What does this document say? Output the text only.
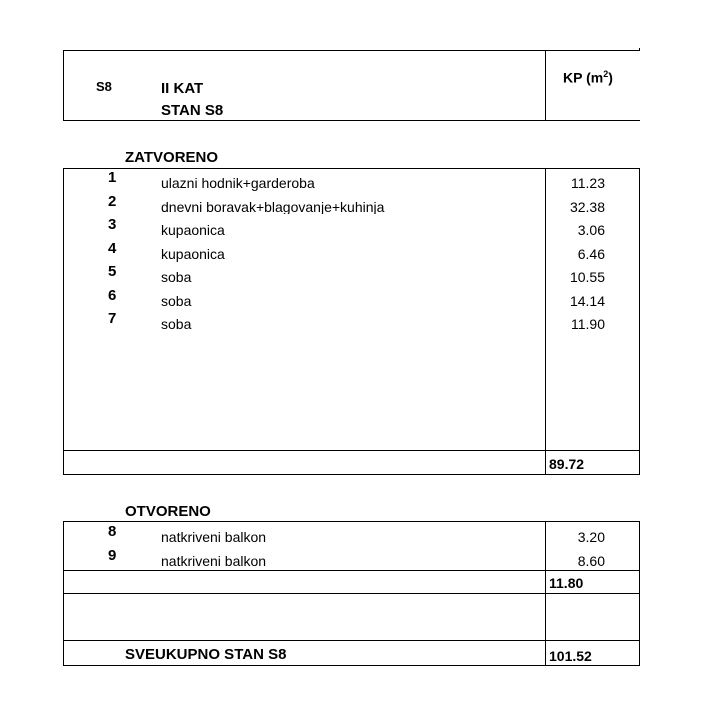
S8	II KAT
STAN S8
KP $(m^2)$
ZATVORENO
1	ulazni hodnik+garderoba	11.23
2	dnevni boravak+blagovanje+kuhinja	32.38
3	kupaonica	3.06
4	kupaonica	6.46
5	soba	10.55
6	soba	14.14
7	soba	11.90
89.72
OTVORENO
8	natkriveni balkon	3.20
9	natkriveni balkon	8.60
11.80
SVEUKUPNO STAN S8	101.52
